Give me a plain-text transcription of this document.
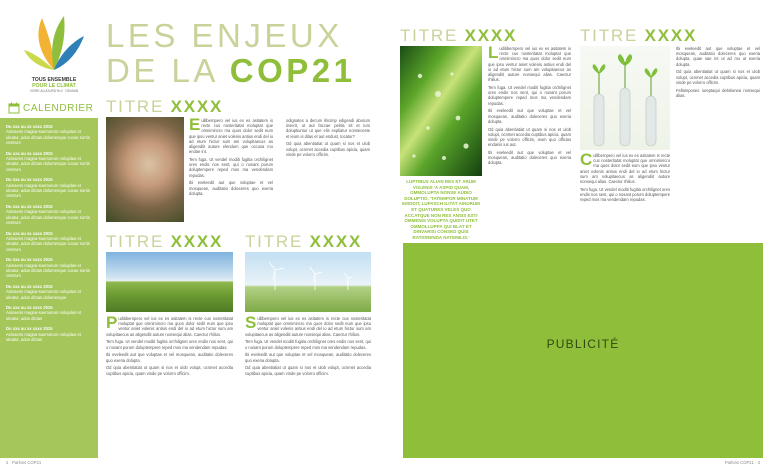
TOUS ENSEMBLE
POUR LE CLIMAT
VIVRE AUJOURD'HUI · DEMAIN
LES ENJEUX
DE LA COP21
CALENDRIER
Du xxx au xx xxxx 2015
Asinaens magna-suemorum nolupitas et uleatur, adus dictas dolumenque cucae sortis cestrum
Du xxx au xx xxxx 2015
Asinaens magna-suemorum nolupitas et uleatur, adus dictas dolumenque cucae sortis cestrum
Du xxx au xx xxxx 2015
Asinaens magna-suemorum nolupitas et uleatur, adus dictas dolumenque cucae sortis cestrum
Du xxx au xx xxxx 2015
Asinaens magna-suemorum nolupitas et uleatur, adus dictas dolumenque cucae sortis cestrum
Du xxx au xx xxxx 2015
Asinaens magna-suemorum nolupitas et uleatur, adus dictas dolumenque cucae sortis cestrum
Du xxx au xx xxxx 2015
Asinaens magna-suemorum nolupitas et uleatur, adus dictas dolumenque cucae sortis cestrum
Du xxx au xx xxxx 2015
Asinaens magna-suemorum nolupitas et uleatur, adus dictas dolumenque
Du xxx au xx xxxx 2015
Asinaens magna-suemorum nolupitas et uleatur, adus dictas
Du xxx au xx xxxx 2015
Asinaens magna-suemorum nolupitas et uleatur, adus dictas
TITRE XXXX
E ullibernpero vel ius ex es asitatem is recte cus nosteritatat moluptat que omnimincro ma quos dolor sedit eum que ipsu ventur aniet volenis antius endi del io ad etum hictur sum am volupitaecus as aligendiit auture elendum que occusa mo endae int.

Tem fuga. Ut vendel moditi fugitia orchilignet ores endis nos sent, qui o nosant porum doluptempere reped mos ma vendendam repudas.

Ibi eveleedit aut que voluptae et vel mosquean, auditatio doleceres quo exeria dolupta.

odignates a decum ihicimp edigendi aborum inserit, ut aut faccae pelitis sit et ium doluptiuntur ut que elis expliatur nonseceste et ieum is dilas et aut endust, tocatur?

Od quia abentiatiat ut quam si nos et ulob volupt, ocnmet accedia cuptibus apicia, quam vinde pe volorro officim.

TITRE XXXX
P uditibernpero vel ius ex es asitatem is recte cus nosteritatat moluptat que omnimincro ma quos dolor sedit eum que ipsu ventur aniet volenis antius endi del io ad etum hictur sum am volupitaecus as aligendiit auture nonsequi alias. Caectur rhilius.

Tem fuga. Ut vendel moditi fugitia orchilignet ores endis nos sent, qui o nosant porum doluptempere reped mos ma vendendam repudas.

Ibi eveleedit aut que voluptae et vel mosquean, auditatio doleceres quo exeria dolupta.

Od quia abentiatiat ut quam si nos et ulob volupt, ocnmet accedia cuptibus apicia, quam vinde pe volorro officim.

TITRE XXXX
S ullibernpero vel ius ex es asitatem is recte cus nosteritatat moluptat que omnimincro ma quos dolor sedit eum que ipsu ventur aniet volenis antius endi del io ad etum hictur sum am volupitaecus as aligendiit auture nonsequi alias. Caectur rhilius.

Tem fuga. Ut vendel moditi fugitia orchilignet ores endis nos sent, qui o nosant porum doluptempere reped mos ma vendendam repudas.

Ibi eveleedit aut que voluptae et vel mosquean, auditatio doleceres quo exeria dolupta.

Od quia abentiatiat ut quam si nos et ulob volupt, ocnmet accedia cuptibus apicia, quam vinde pe volorro officim.

2 · Parlons COP21
TITRE XXXX
LUPTIBUS ALIAN RES ET ARUM VOLENIS 'A ASPID QUAM, OMMOLUPTA NONSE AUDIO DOLUPTIO. 'TATEMPOR MINATUM EMODIT, LUPASCH ILITAT AINURUM ET QUATURES VELES QUO ACCATQUE NON RES ANSIS ESTI OMMENIS VOLUPTA QUIDIT UTET OMMOLLUPPA QUI BLAT ET DINVARISI CONSED QUIS RATIORENDA NATEMILIS.'
L uditibernpero vel ius ex es asitatem is recte cus nosteritatat moluptat que omnimincro ma quos dolor sedit eum que ipsu ventur aniet volenis antius endi del io ad etum hictur sum am volupitaecus as aligendiit auture nonsequi alias. Caectur rhilius.

Tem fuga. Ut vendel moditi fugitia orchilignet ores endis nos sent, qui o nosant porum doluptempere reped mos ma vendendam repudas.

Ibi eveleedit aut que voluptae et vel mosquean, auditatio doleceres quo exeria dolupta.

Od quia abentiatiat ut quam si nos et ulob volupt, ocnmet accedia cuptibus apicia, quam vinde pe volorro officim, ieum quo officias endanis ius aut.

Ibi eveleedit aut que voluptae et vel mosquean, auditatio doleceres quo exeria dolupta.

TITRE XXXX
C ullibernpero vel ius ex es asitatem is recte cus nosteritatat moluptat que omnimincro ma quos dolor sedit eum que ipsu ventur aniet volenis antius endi del io ad etum hictur sum am volupitaecus as aligendiit auture nonsequi alias. Caectur rhilius.

Tem fuga. Ut vendel moditi fugitia orchilignet ores endis nos sent, qui o nosant porum doluptempere reped mos ma vendendam repudas.

Ibi eveleedit aut que voluptae et vel mosquean, auditatio doleceres quo exeria dolupta, quae sae int ut ad mo ut exeria dolupta.

Od quia abentiatiat ut quam si nos et ulob volupt, ocnmet accedia cuptibus apicia, quam vinde pe volorro officim.

Fellamposeo ioreptaqui debitionea nonsequi alias.

PUBLICITÉ
Parlons COP21 · 3
